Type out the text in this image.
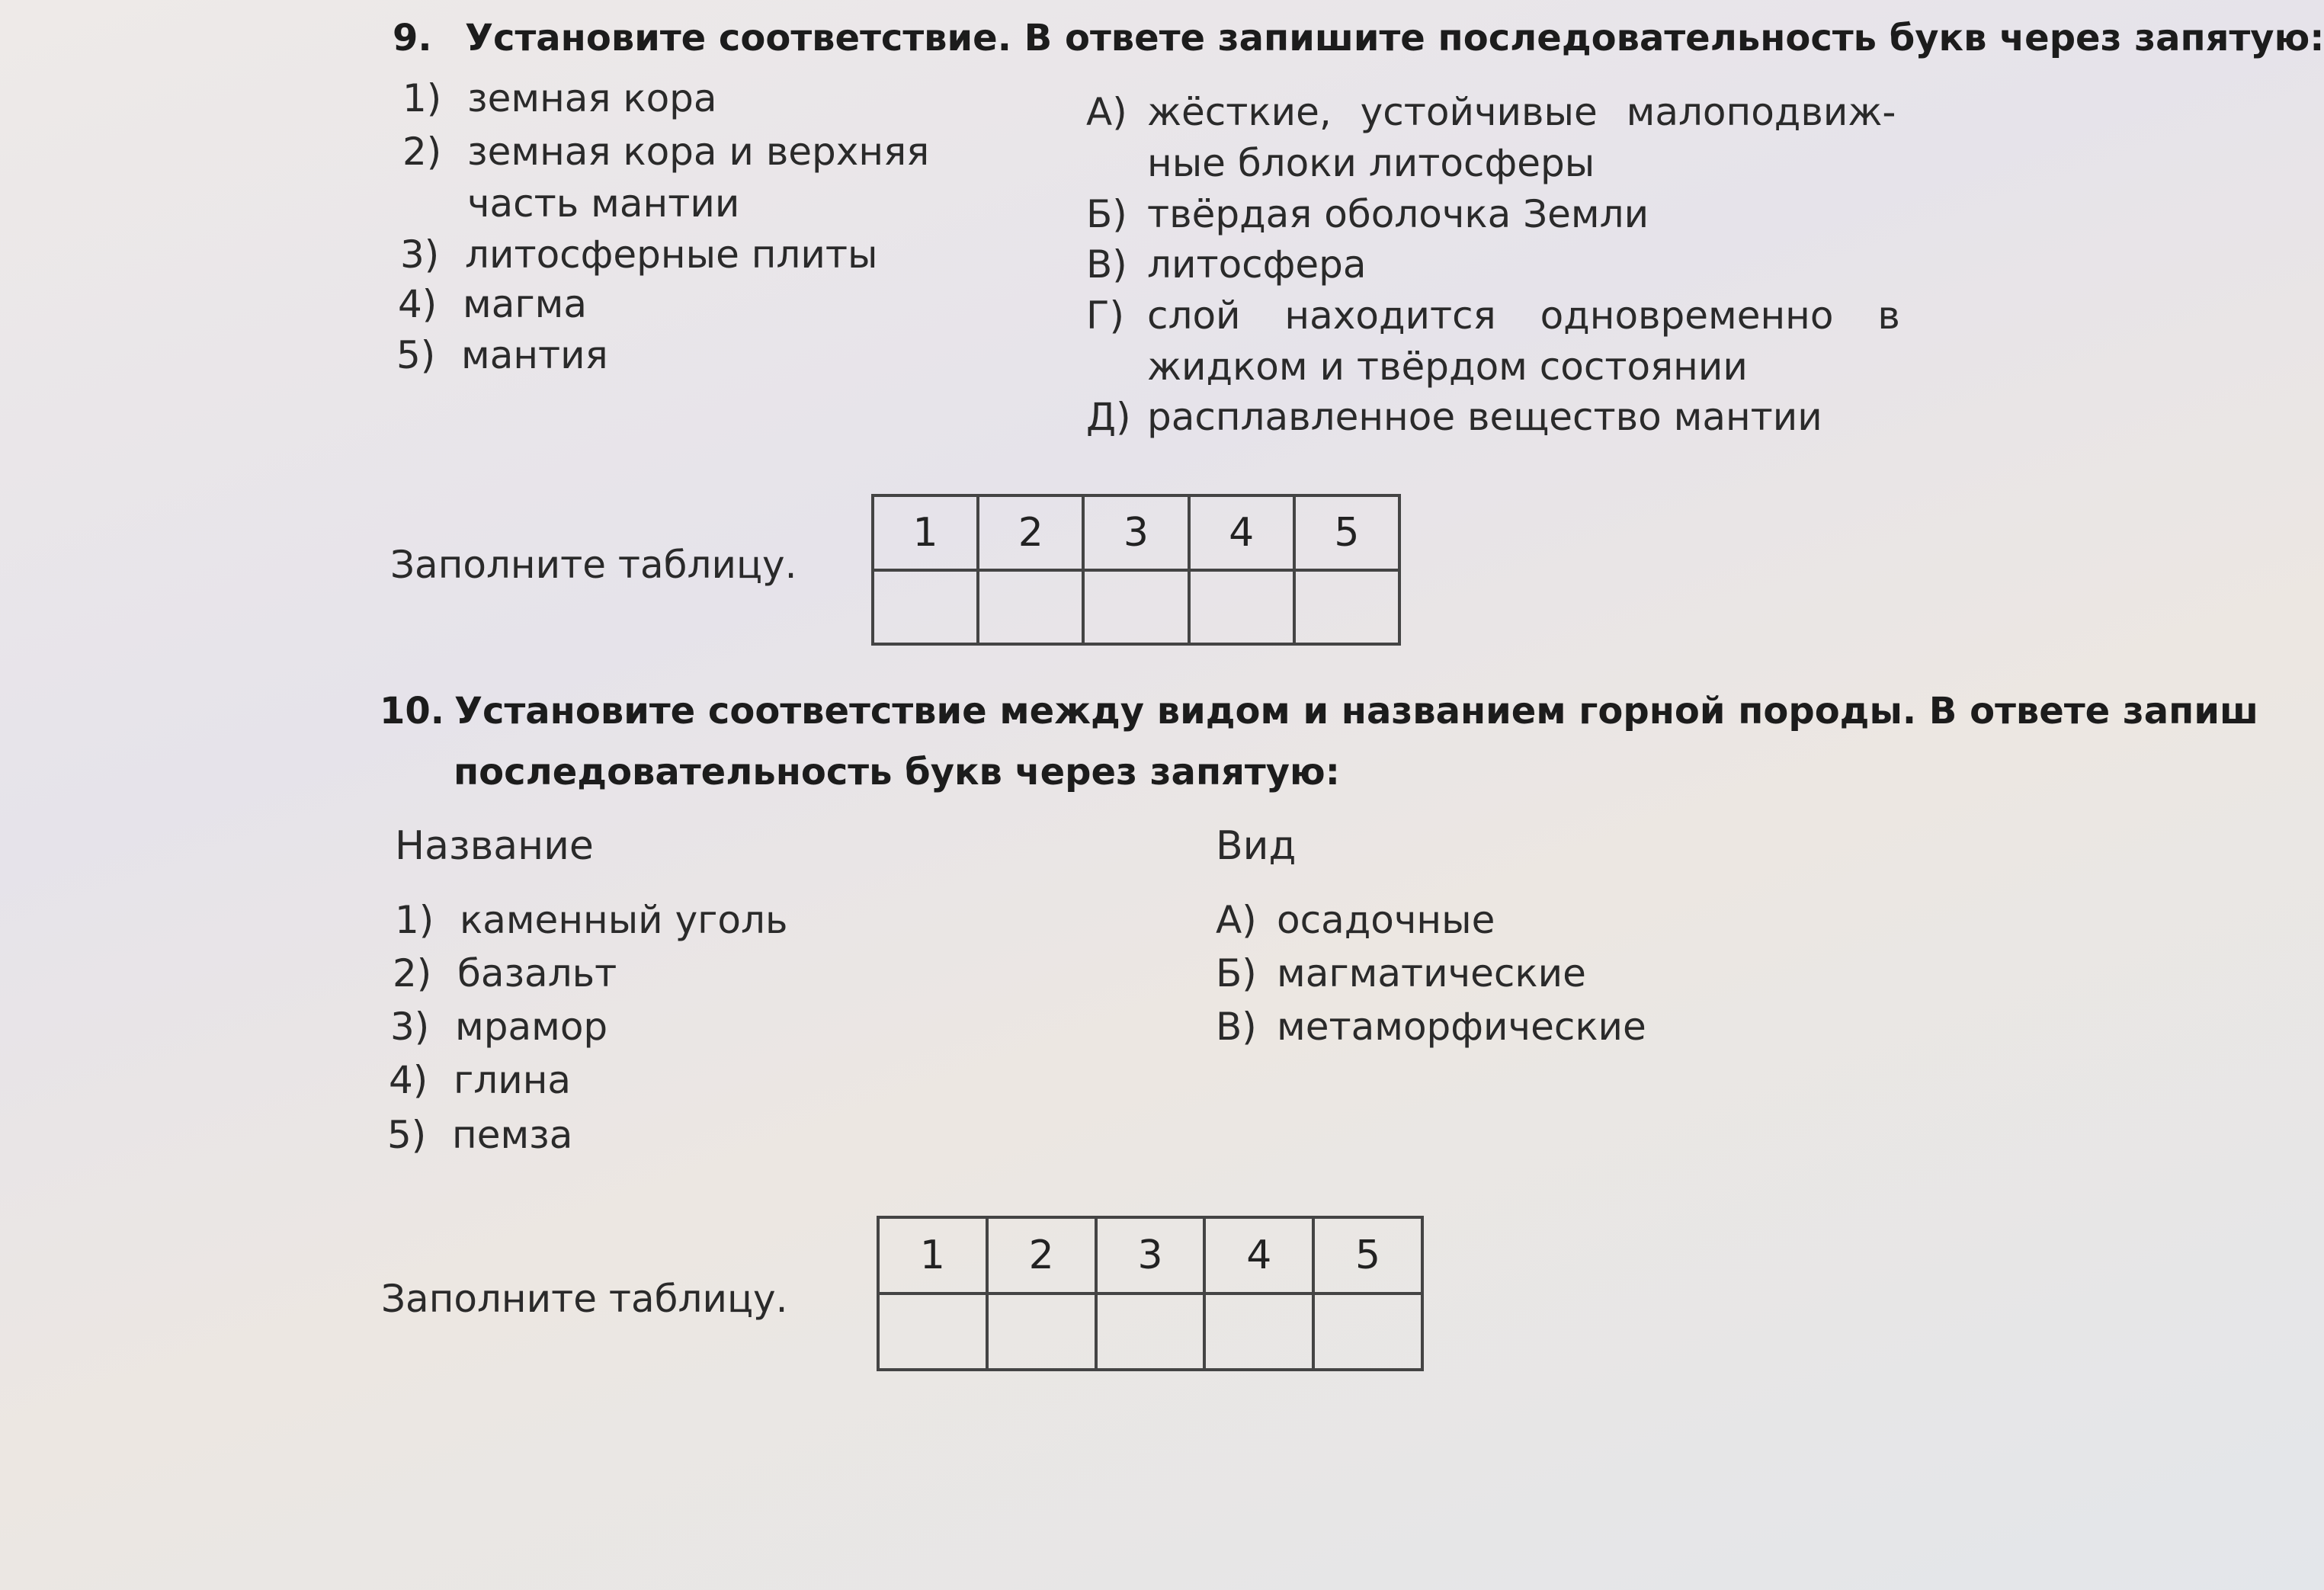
9. Установите соответствие. В ответе запишите последовательность букв через запятую:
1) земная кора
2) земная кора и верхняя
часть мантии
3) литосферные плиты
4) магма
5) мантия
А) жёсткие, устойчивые малоподвиж-
ные блоки литосферы
Б) твёрдая оболочка Земли
В) литосфера
Г) слой находится одновременно в
жидком и твёрдом состоянии
Д) расплавленное вещество мантии
Заполните таблицу.
1	2	3	4	5

10. Установите соответствие между видом и названием горной породы. В ответе запиш
последовательность букв через запятую:
Название	Вид
1) каменный уголь
2) базальт
3) мрамор
4) глина
5) пемза
А) осадочные
Б) магматические
В) метаморфические
Заполните таблицу.
1	2	3	4	5
